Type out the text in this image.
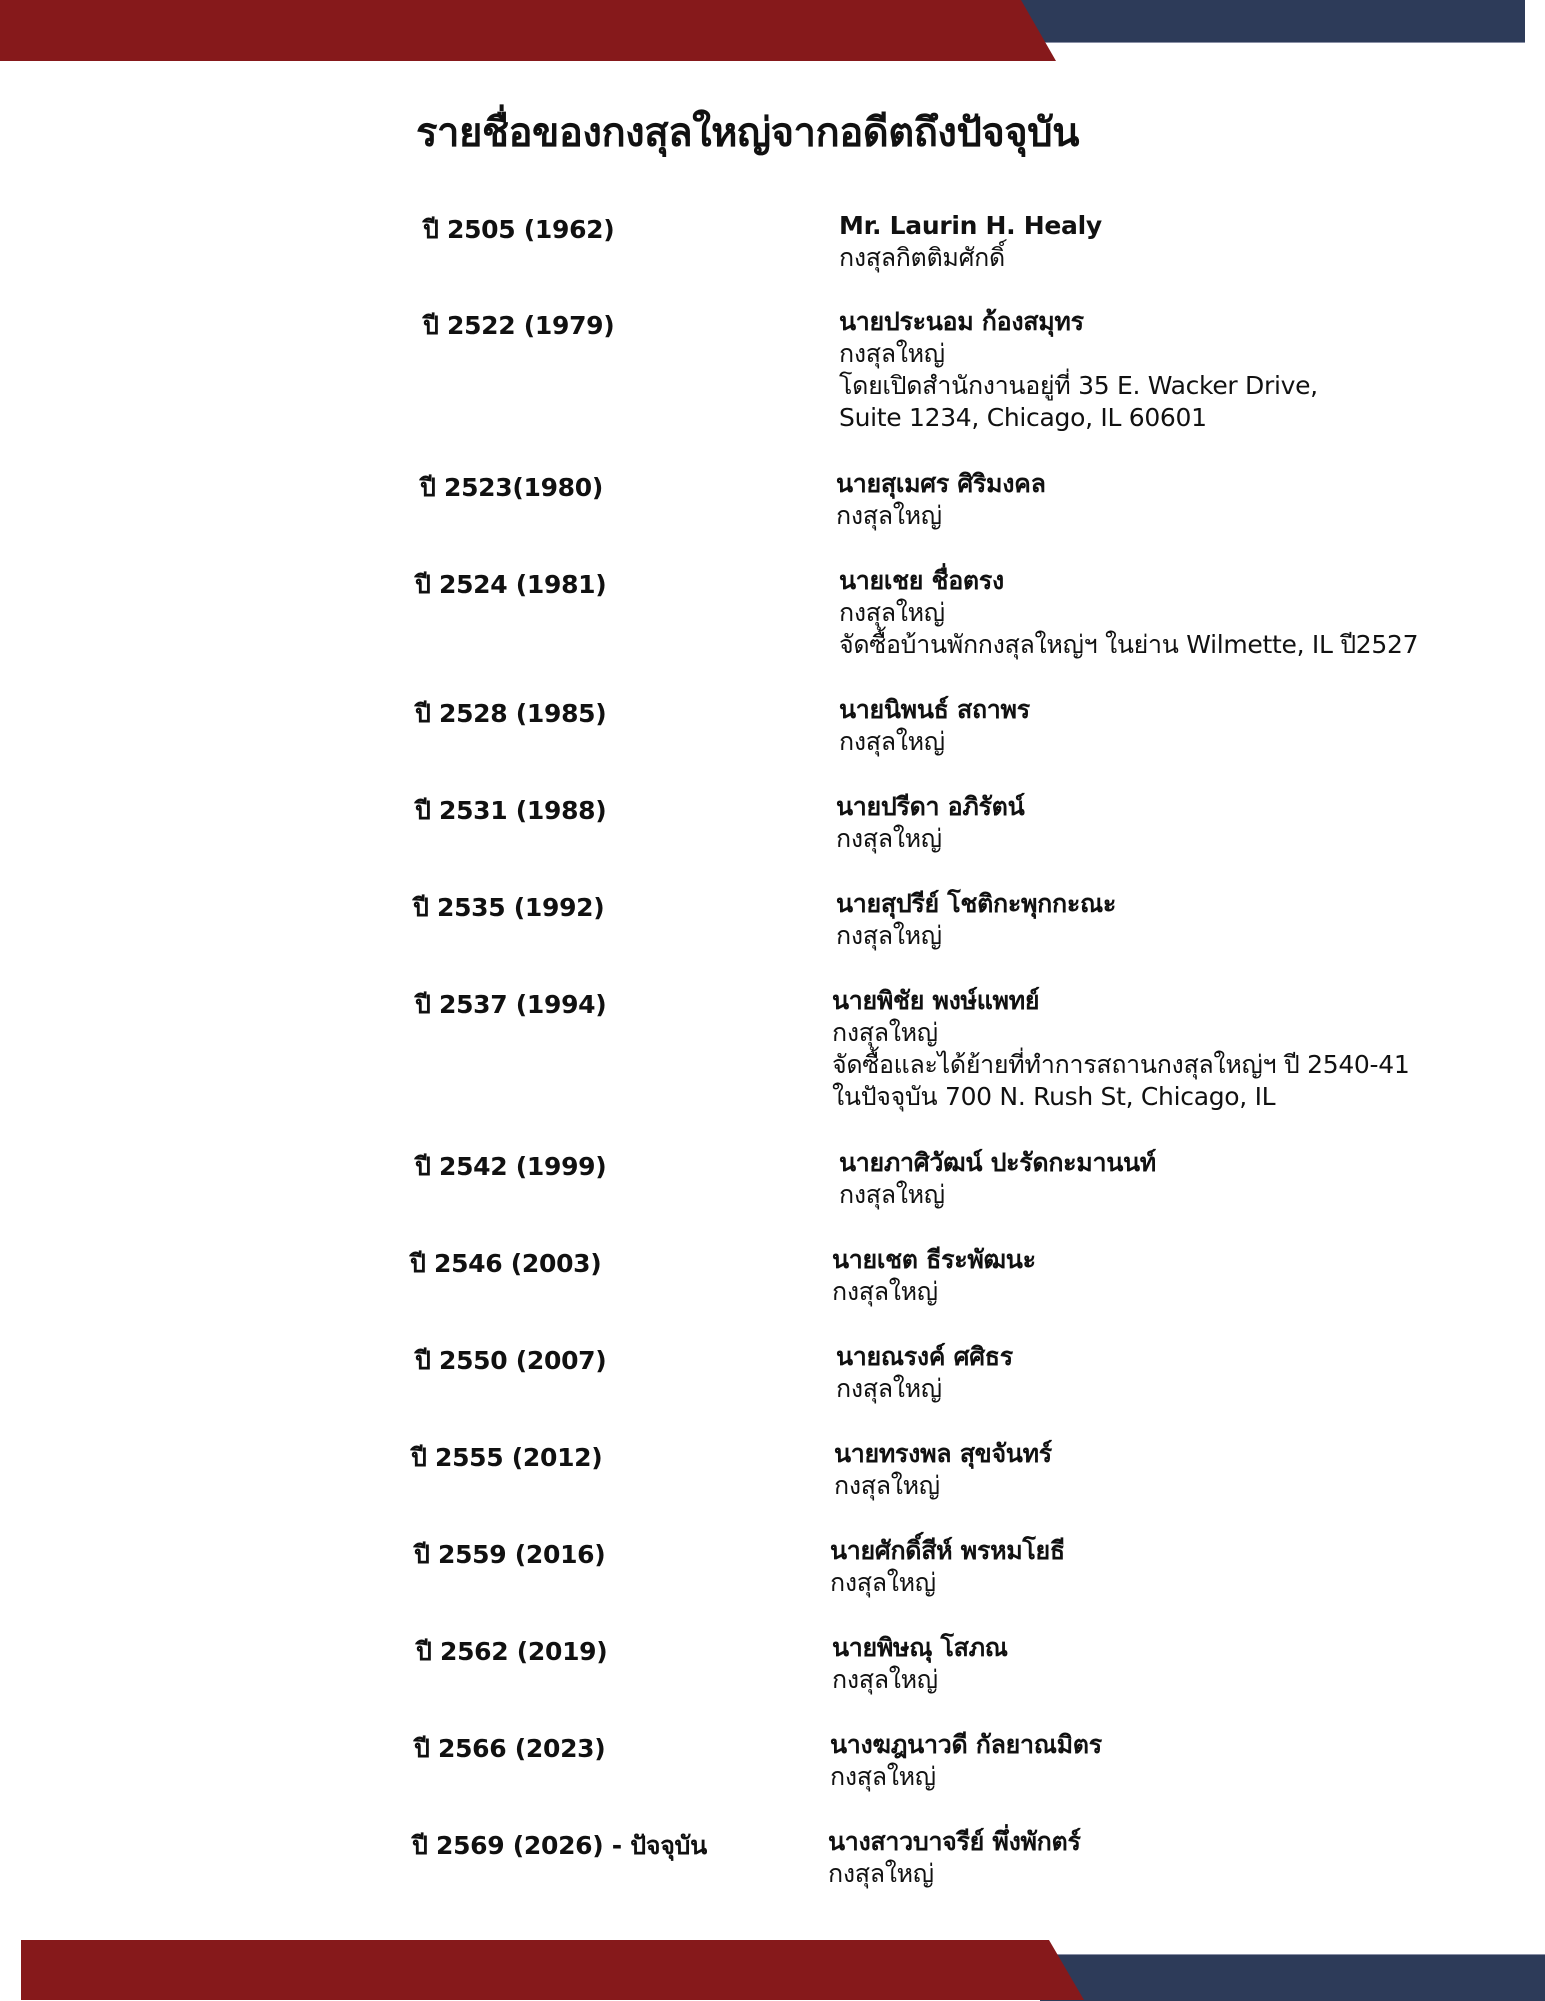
รายชื่อของกงสุลใหญ่จากอดีตถึงปัจจุบัน
ปี 2505 (1962)	Mr. Laurin H. Healy
กงสุลกิตติมศักดิ์
ปี 2522 (1979)	นายประนอม ก้องสมุทร
กงสุลใหญ่
โดยเปิดสำนักงานอยู่ที่ 35 E. Wacker Drive,
Suite 1234, Chicago, IL 60601
ปี 2523(1980)	นายสุเมศร ศิริมงคล
กงสุลใหญ่
ปี 2524 (1981)	นายเชย ชื่อตรง
กงสุลใหญ่
จัดซื้อบ้านพักกงสุลใหญ่ฯ ในย่าน Wilmette, IL ปี2527
ปี 2528 (1985)	นายนิพนธ์ สถาพร
กงสุลใหญ่
ปี 2531 (1988)	นายปรีดา อภิรัตน์
กงสุลใหญ่
ปี 2535 (1992)	นายสุปรีย์ โชติกะพุกกะณะ
กงสุลใหญ่
ปี 2537 (1994)	นายพิชัย พงษ์แพทย์
กงสุลใหญ่
จัดซื้อและได้ย้ายที่ทำการสถานกงสุลใหญ่ฯ ปี 2540-41
ในปัจจุบัน 700 N. Rush St, Chicago, IL
ปี 2542 (1999)	นายภาศิวัฒน์ ปะรัดกะมานนท์
กงสุลใหญ่
ปี 2546 (2003)	นายเชต ธีระพัฒนะ
กงสุลใหญ่
ปี 2550 (2007)	นายณรงค์ ศศิธร
กงสุลใหญ่
ปี 2555 (2012)	นายทรงพล สุขจันทร์
กงสุลใหญ่
ปี 2559 (2016)	นายศักดิ์สีห์ พรหมโยธี
กงสุลใหญ่
ปี 2562 (2019)	นายพิษณุ โสภณ
กงสุลใหญ่
ปี 2566 (2023)	นางฆฎนาวดี กัลยาณมิตร
กงสุลใหญ่
ปี 2569 (2026) - ปัจจุบัน	นางสาวบาจรีย์ พึ่งพักตร์
กงสุลใหญ่
